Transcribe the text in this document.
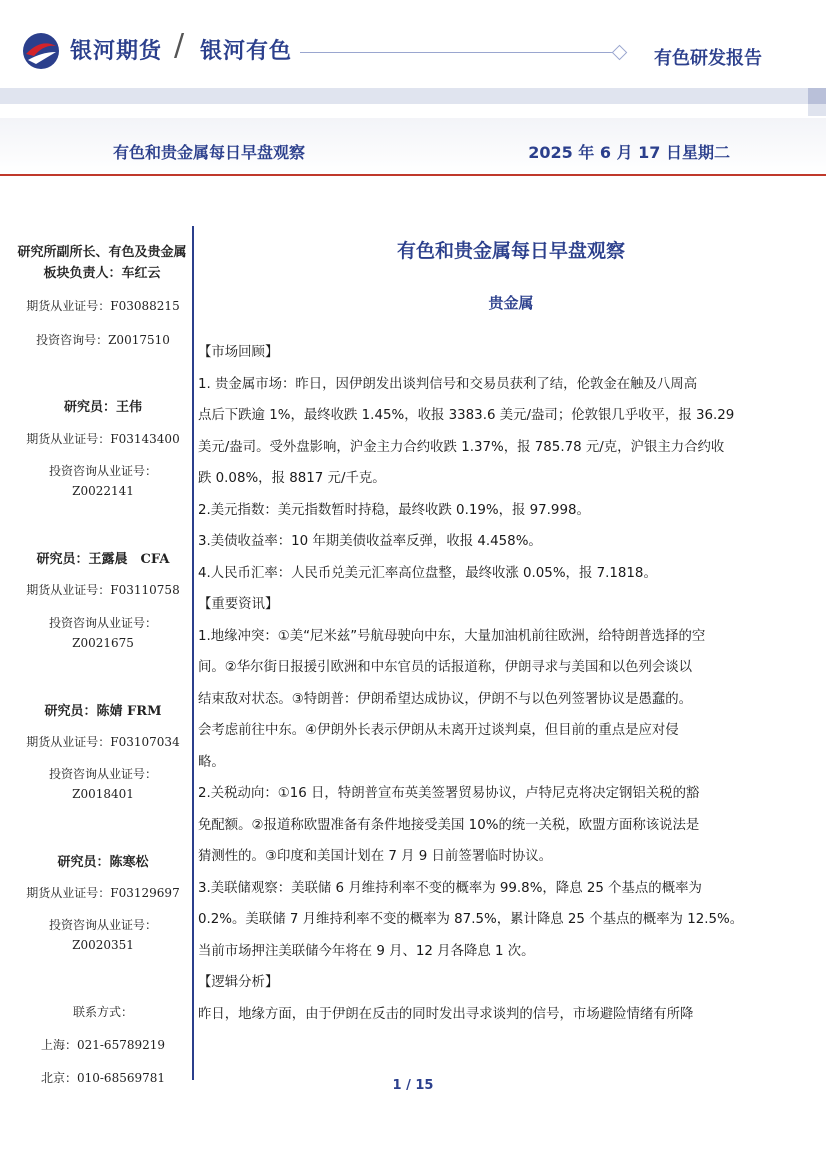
银河期货 / 银河有色	有色研发报告
有色和贵金属每日早盘观察	2025 年 6 月 17 日星期二
研究所副所长、有色及贵金属板块负责人：车红云
期货从业证号：F03088215
投资咨询号：Z0017510
研究员：王伟
期货从业证号：F03143400
投资咨询从业证号：
Z0022141
研究员：王露晨　CFA
期货从业证号：F03110758
投资咨询从业证号：
Z0021675
研究员：陈婧 FRM
期货从业证号：F03107034
投资咨询从业证号：
Z0018401
研究员：陈寒松
期货从业证号：F03129697
投资咨询从业证号：
Z0020351
联系方式：
上海：021-65789219
北京：010-68569781
有色和贵金属每日早盘观察
贵金属
【市场回顾】
1. 贵金属市场：昨日，因伊朗发出谈判信号和交易员获利了结，伦敦金在触及八周高
点后下跌逾 1%，最终收跌 1.45%，收报 3383.6 美元/盎司；伦敦银几乎收平，报 36.29
美元/盎司。受外盘影响，沪金主力合约收跌 1.37%，报 785.78 元/克，沪银主力合约收
跌 0.08%，报 8817 元/千克。
2.美元指数：美元指数暂时持稳，最终收跌 0.19%，报 97.998。
3.美债收益率：10 年期美债收益率反弹，收报 4.458%。
4.人民币汇率：人民币兑美元汇率高位盘整，最终收涨 0.05%，报 7.1818。
【重要资讯】
1.地缘冲突：①美“尼米兹”号航母驶向中东，大量加油机前往欧洲，给特朗普选择的空
间。②华尔街日报援引欧洲和中东官员的话报道称，伊朗寻求与美国和以色列会谈以
结束敌对状态。③特朗普：伊朗希望达成协议，伊朗不与以色列签署协议是愚蠢的。
会考虑前往中东。④伊朗外长表示伊朗从未离开过谈判桌，但目前的重点是应对侵
略。
2.关税动向：①16 日，特朗普宣布英美签署贸易协议，卢特尼克将决定钢铝关税的豁
免配额。②报道称欧盟准备有条件地接受美国 10%的统一关税，欧盟方面称该说法是
猜测性的。③印度和美国计划在 7 月 9 日前签署临时协议。
3.美联储观察：美联储 6 月维持利率不变的概率为 99.8%，降息 25 个基点的概率为
0.2%。美联储 7 月维持利率不变的概率为 87.5%，累计降息 25 个基点的概率为 12.5%。
当前市场押注美联储今年将在 9 月、12 月各降息 1 次。
【逻辑分析】
昨日，地缘方面，由于伊朗在反击的同时发出寻求谈判的信号，市场避险情绪有所降
1 / 15
